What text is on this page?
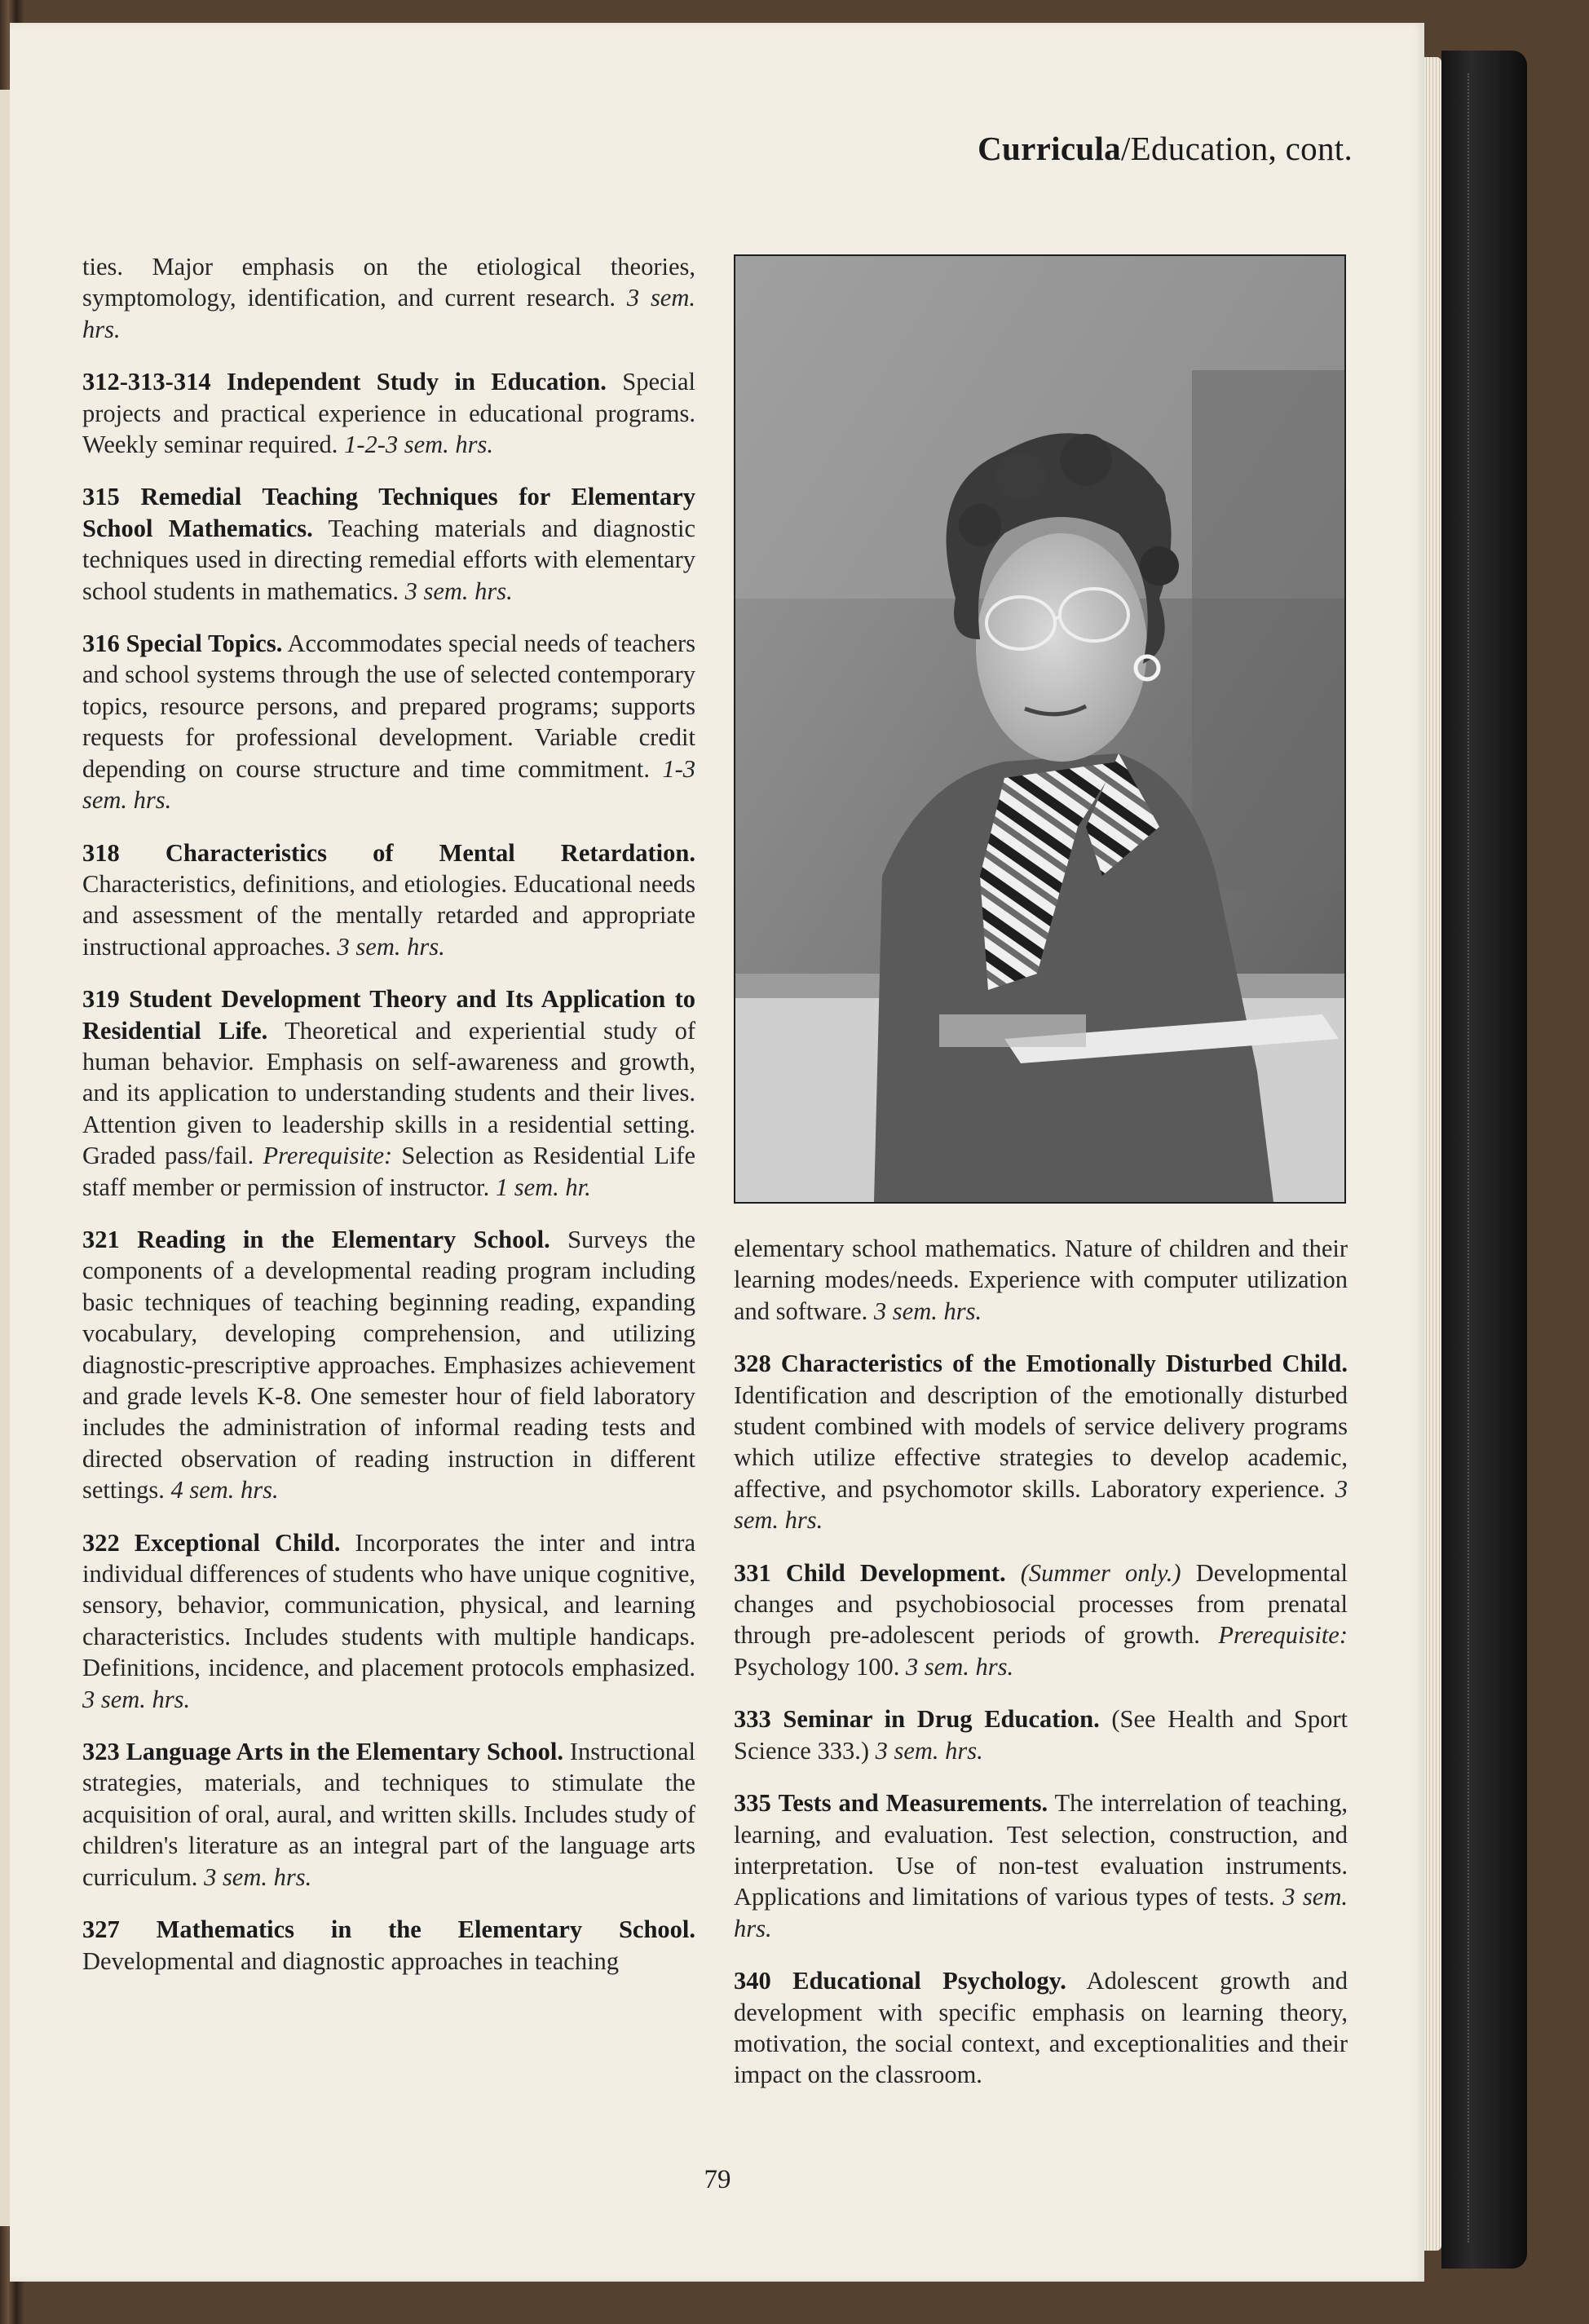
Curricula/Education, cont.

ties. Major emphasis on the etiological theories, symptomology, identification, and current research. 3 sem. hrs.

312-313-314 Independent Study in Education. Special projects and practical experience in educational programs. Weekly seminar required. 1-2-3 sem. hrs.

315 Remedial Teaching Techniques for Elementary School Mathematics. Teaching materials and diagnostic techniques used in directing remedial efforts with elementary school students in mathematics. 3 sem. hrs.

316 Special Topics. Accommodates special needs of teachers and school systems through the use of selected contemporary topics, resource persons, and prepared programs; supports requests for professional development. Variable credit depending on course structure and time commitment. 1-3 sem. hrs.

318 Characteristics of Mental Retardation. Characteristics, definitions, and etiologies. Educational needs and assessment of the mentally retarded and appropriate instructional approaches. 3 sem. hrs.

319 Student Development Theory and Its Application to Residential Life. Theoretical and experiential study of human behavior. Emphasis on self-awareness and growth, and its application to understanding students and their lives. Attention given to leadership skills in a residential setting. Graded pass/fail. Prerequisite: Selection as Residential Life staff member or permission of instructor. 1 sem. hr.

321 Reading in the Elementary School. Surveys the components of a developmental reading program including basic techniques of teaching beginning reading, expanding vocabulary, developing comprehension, and utilizing diagnostic-prescriptive approaches. Emphasizes achievement and grade levels K-8. One semester hour of field laboratory includes the administration of informal reading tests and directed observation of reading instruction in different settings. 4 sem. hrs.

322 Exceptional Child. Incorporates the inter and intra individual differences of students who have unique cognitive, sensory, behavior, communication, physical, and learning characteristics. Includes students with multiple handicaps. Definitions, incidence, and placement protocols emphasized. 3 sem. hrs.

323 Language Arts in the Elementary School. Instructional strategies, materials, and techniques to stimulate the acquisition of oral, aural, and written skills. Includes study of children's literature as an integral part of the language arts curriculum. 3 sem. hrs.

327 Mathematics in the Elementary School. Developmental and diagnostic approaches in teaching

elementary school mathematics. Nature of children and their learning modes/needs. Experience with computer utilization and software. 3 sem. hrs.

328 Characteristics of the Emotionally Disturbed Child. Identification and description of the emotionally disturbed student combined with models of service delivery programs which utilize effective strategies to develop academic, affective, and psychomotor skills. Laboratory experience. 3 sem. hrs.

331 Child Development. (Summer only.) Developmental changes and psychobiosocial processes from prenatal through pre-adolescent periods of growth. Prerequisite: Psychology 100. 3 sem. hrs.

333 Seminar in Drug Education. (See Health and Sport Science 333.) 3 sem. hrs.

335 Tests and Measurements. The interrelation of teaching, learning, and evaluation. Test selection, construction, and interpretation. Use of non-test evaluation instruments. Applications and limitations of various types of tests. 3 sem. hrs.

340 Educational Psychology. Adolescent growth and development with specific emphasis on learning theory, motivation, the social context, and exceptionalities and their impact on the classroom.

79
